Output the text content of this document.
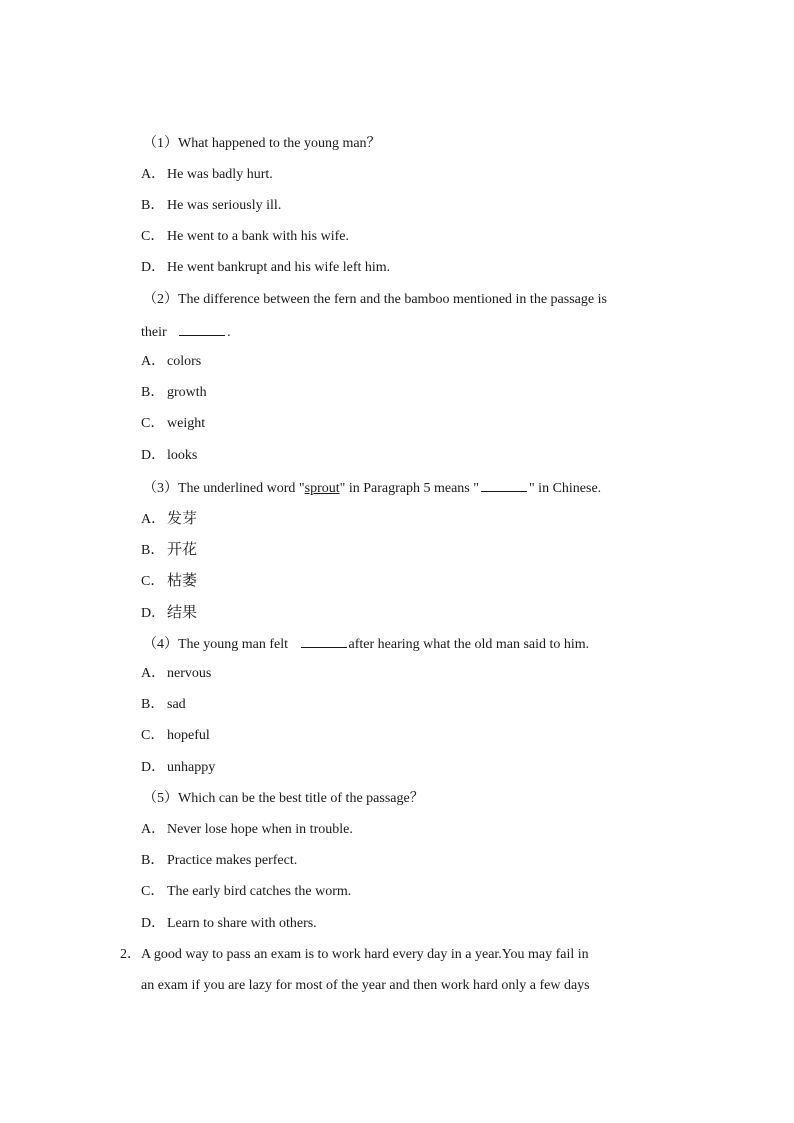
（1）What happened to the young man？
A． He was badly hurt.
B． He was seriously ill.
C． He went to a bank with his wife.
D． He went bankrupt and his wife left him.
（2）The difference between the fern and the bamboo mentioned in the passage is
their	.
A． colors
B． growth
C． weight
D． looks
（3）The underlined word "sprout" in Paragraph 5 means "	" in Chinese.
A． 发芽
B． 开花
C． 枯萎
D． 结果
（4）The young man felt	after hearing what the old man said to him.
A． nervous
B． sad
C． hopeful
D． unhappy
（5）Which can be the best title of the passage？
A． Never lose hope when in trouble.
B． Practice makes perfect.
C． The early bird catches the worm.
D． Learn to share with others.
2．A good way to pass an exam is to work hard every day in a year.You may fail in
an exam if you are lazy for most of the year and then work hard only a few days
